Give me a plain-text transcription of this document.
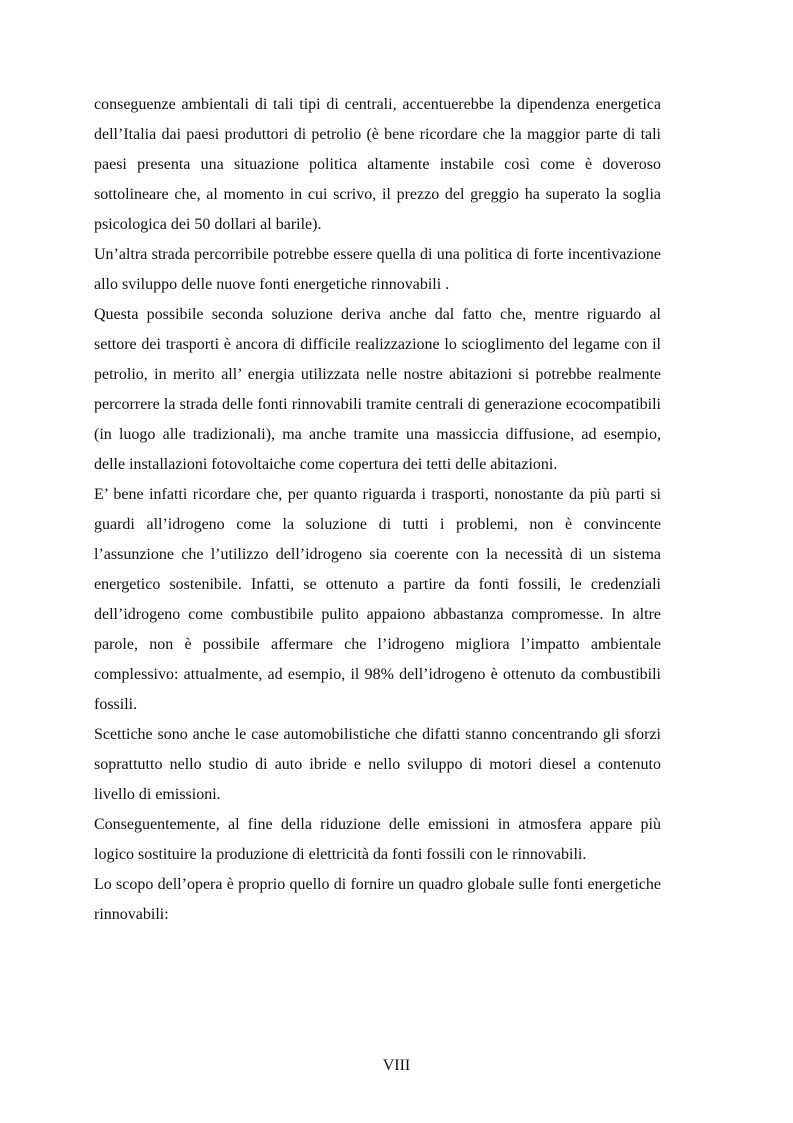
conseguenze ambientali di tali tipi di centrali, accentuerebbe la dipendenza energetica dell’Italia dai paesi produttori di petrolio (è bene ricordare che la maggior parte di tali paesi presenta una situazione politica altamente instabile così come è doveroso sottolineare che, al momento in cui scrivo, il prezzo del greggio ha superato la soglia psicologica dei 50 dollari al barile).

Un’altra strada percorribile potrebbe essere quella di una politica di forte incentivazione allo sviluppo delle nuove fonti energetiche rinnovabili .

Questa possibile seconda soluzione deriva anche dal fatto che, mentre riguardo al settore dei trasporti è ancora di difficile realizzazione lo scioglimento del legame con il petrolio, in merito all’ energia utilizzata nelle nostre abitazioni si potrebbe realmente percorrere la strada delle fonti rinnovabili tramite centrali di generazione ecocompatibili (in luogo alle tradizionali), ma anche tramite una massiccia diffusione, ad esempio, delle installazioni fotovoltaiche come copertura dei tetti delle abitazioni.

E’ bene infatti ricordare che, per quanto riguarda i trasporti, nonostante da più parti si guardi all’idrogeno come la soluzione di tutti i problemi, non è convincente l’assunzione che l’utilizzo dell’idrogeno sia coerente con la necessità di un sistema energetico sostenibile. Infatti, se ottenuto a partire da fonti fossili, le credenziali dell’idrogeno come combustibile pulito appaiono abbastanza compromesse. In altre parole, non è possibile affermare che l’idrogeno migliora l’impatto ambientale complessivo: attualmente, ad esempio, il 98% dell’idrogeno è ottenuto da combustibili fossili.

Scettiche sono anche le case automobilistiche che difatti stanno concentrando gli sforzi soprattutto nello studio di auto ibride e nello sviluppo di motori diesel a contenuto livello di emissioni.

Conseguentemente, al fine della riduzione delle emissioni in atmosfera appare più logico sostituire la produzione di elettricità da fonti fossili con le rinnovabili.

Lo scopo dell’opera è proprio quello di fornire un quadro globale sulle fonti energetiche rinnovabili:

VIII
